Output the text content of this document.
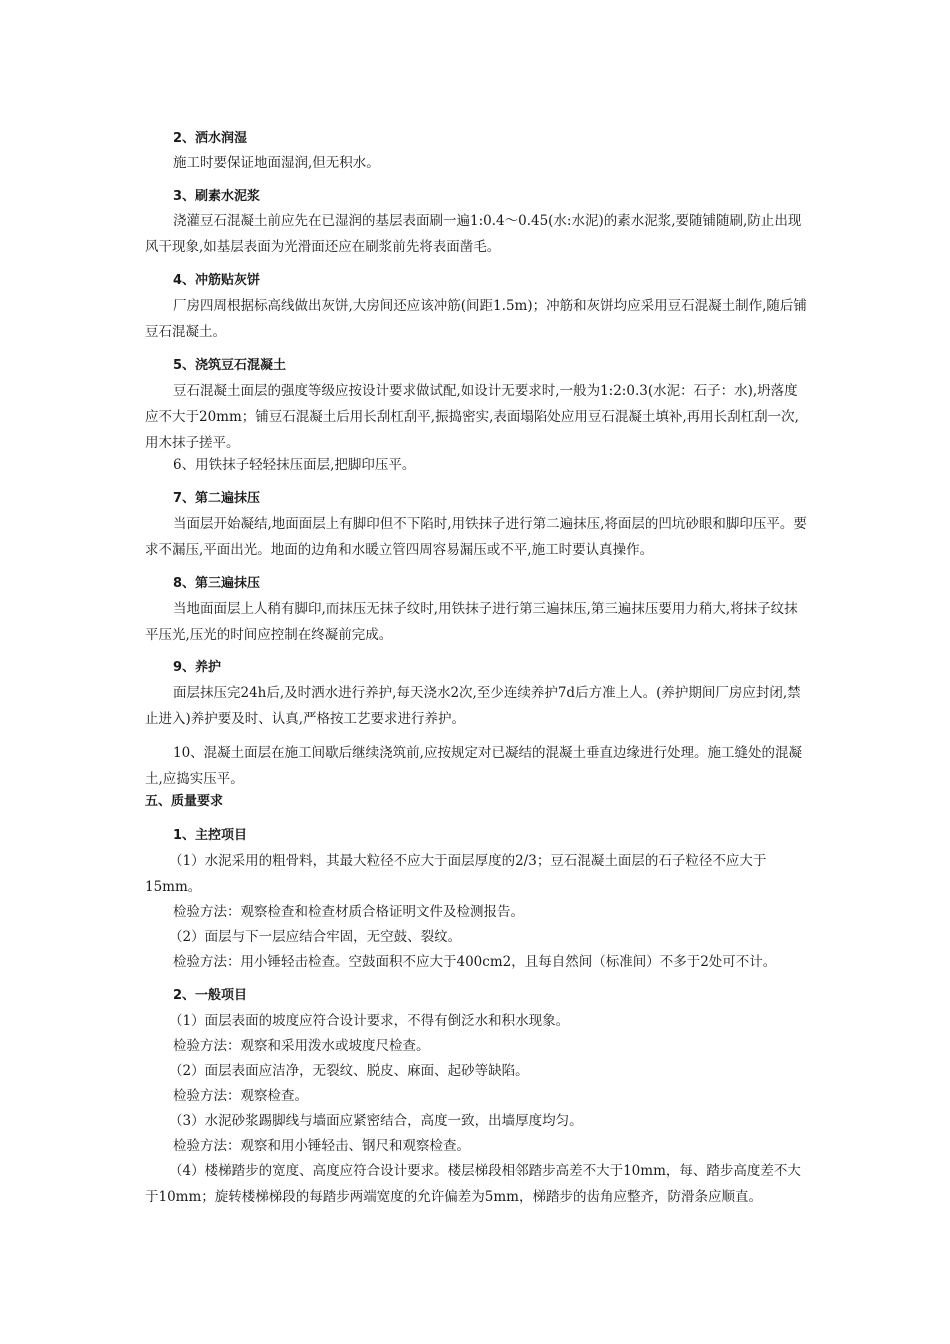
2、洒水润湿

施工时要保证地面湿润,但无积水。

3、刷素水泥浆

浇灌豆石混凝土前应先在已湿润的基层表面刷一遍1:0.4～0.45(水:水泥)的素水泥浆,要随铺随刷,防止出现风干现象,如基层表面为光滑面还应在刷浆前先将表面凿毛。

4、冲筋贴灰饼

厂房四周根据标高线做出灰饼,大房间还应该冲筋(间距1.5m)；冲筋和灰饼均应采用豆石混凝土制作,随后铺豆石混凝土。

5、浇筑豆石混凝土

豆石混凝土面层的强度等级应按设计要求做试配,如设计无要求时,一般为1:2:0.3(水泥：石子：水),坍落度应不大于20mm；铺豆石混凝土后用长刮杠刮平,振捣密实,表面塌陷处应用豆石混凝土填补,再用长刮杠刮一次,用木抹子搓平。

6、用铁抹子轻轻抹压面层,把脚印压平。

7、第二遍抹压

当面层开始凝结,地面面层上有脚印但不下陷时,用铁抹子进行第二遍抹压,将面层的凹坑砂眼和脚印压平。要求不漏压,平面出光。地面的边角和水暖立管四周容易漏压或不平,施工时要认真操作。

8、第三遍抹压

当地面面层上人稍有脚印,而抹压无抹子纹时,用铁抹子进行第三遍抹压,第三遍抹压要用力稍大,将抹子纹抹平压光,压光的时间应控制在终凝前完成。

9、养护

面层抹压完24h后,及时洒水进行养护,每天浇水2次,至少连续养护7d后方准上人。(养护期间厂房应封闭,禁止进入)养护要及时、认真,严格按工艺要求进行养护。

10、混凝土面层在施工间歇后继续浇筑前,应按规定对已凝结的混凝土垂直边缘进行处理。施工缝处的混凝土,应捣实压平。

五、质量要求

1、主控项目

（1）水泥采用的粗骨料，其最大粒径不应大于面层厚度的2/3；豆石混凝土面层的石子粒径不应大于15mm。

检验方法：观察检查和检查材质合格证明文件及检测报告。

（2）面层与下一层应结合牢固，无空鼓、裂纹。

检验方法：用小锤轻击检查。空鼓面积不应大于400cm2，且每自然间（标准间）不多于2处可不计。

2、一般项目

（1）面层表面的坡度应符合设计要求，不得有倒泛水和积水现象。

检验方法：观察和采用泼水或坡度尺检查。

（2）面层表面应洁净，无裂纹、脱皮、麻面、起砂等缺陷。

检验方法：观察检查。

（3）水泥砂浆踢脚线与墙面应紧密结合，高度一致，出墙厚度均匀。

检验方法：观察和用小锤轻击、钢尺和观察检查。

（4）楼梯踏步的宽度、高度应符合设计要求。楼层梯段相邻踏步高差不大于10mm，每、踏步高度差不大于10mm；旋转楼梯梯段的每踏步两端宽度的允许偏差为5mm，梯踏步的齿角应整齐，防滑条应顺直。
